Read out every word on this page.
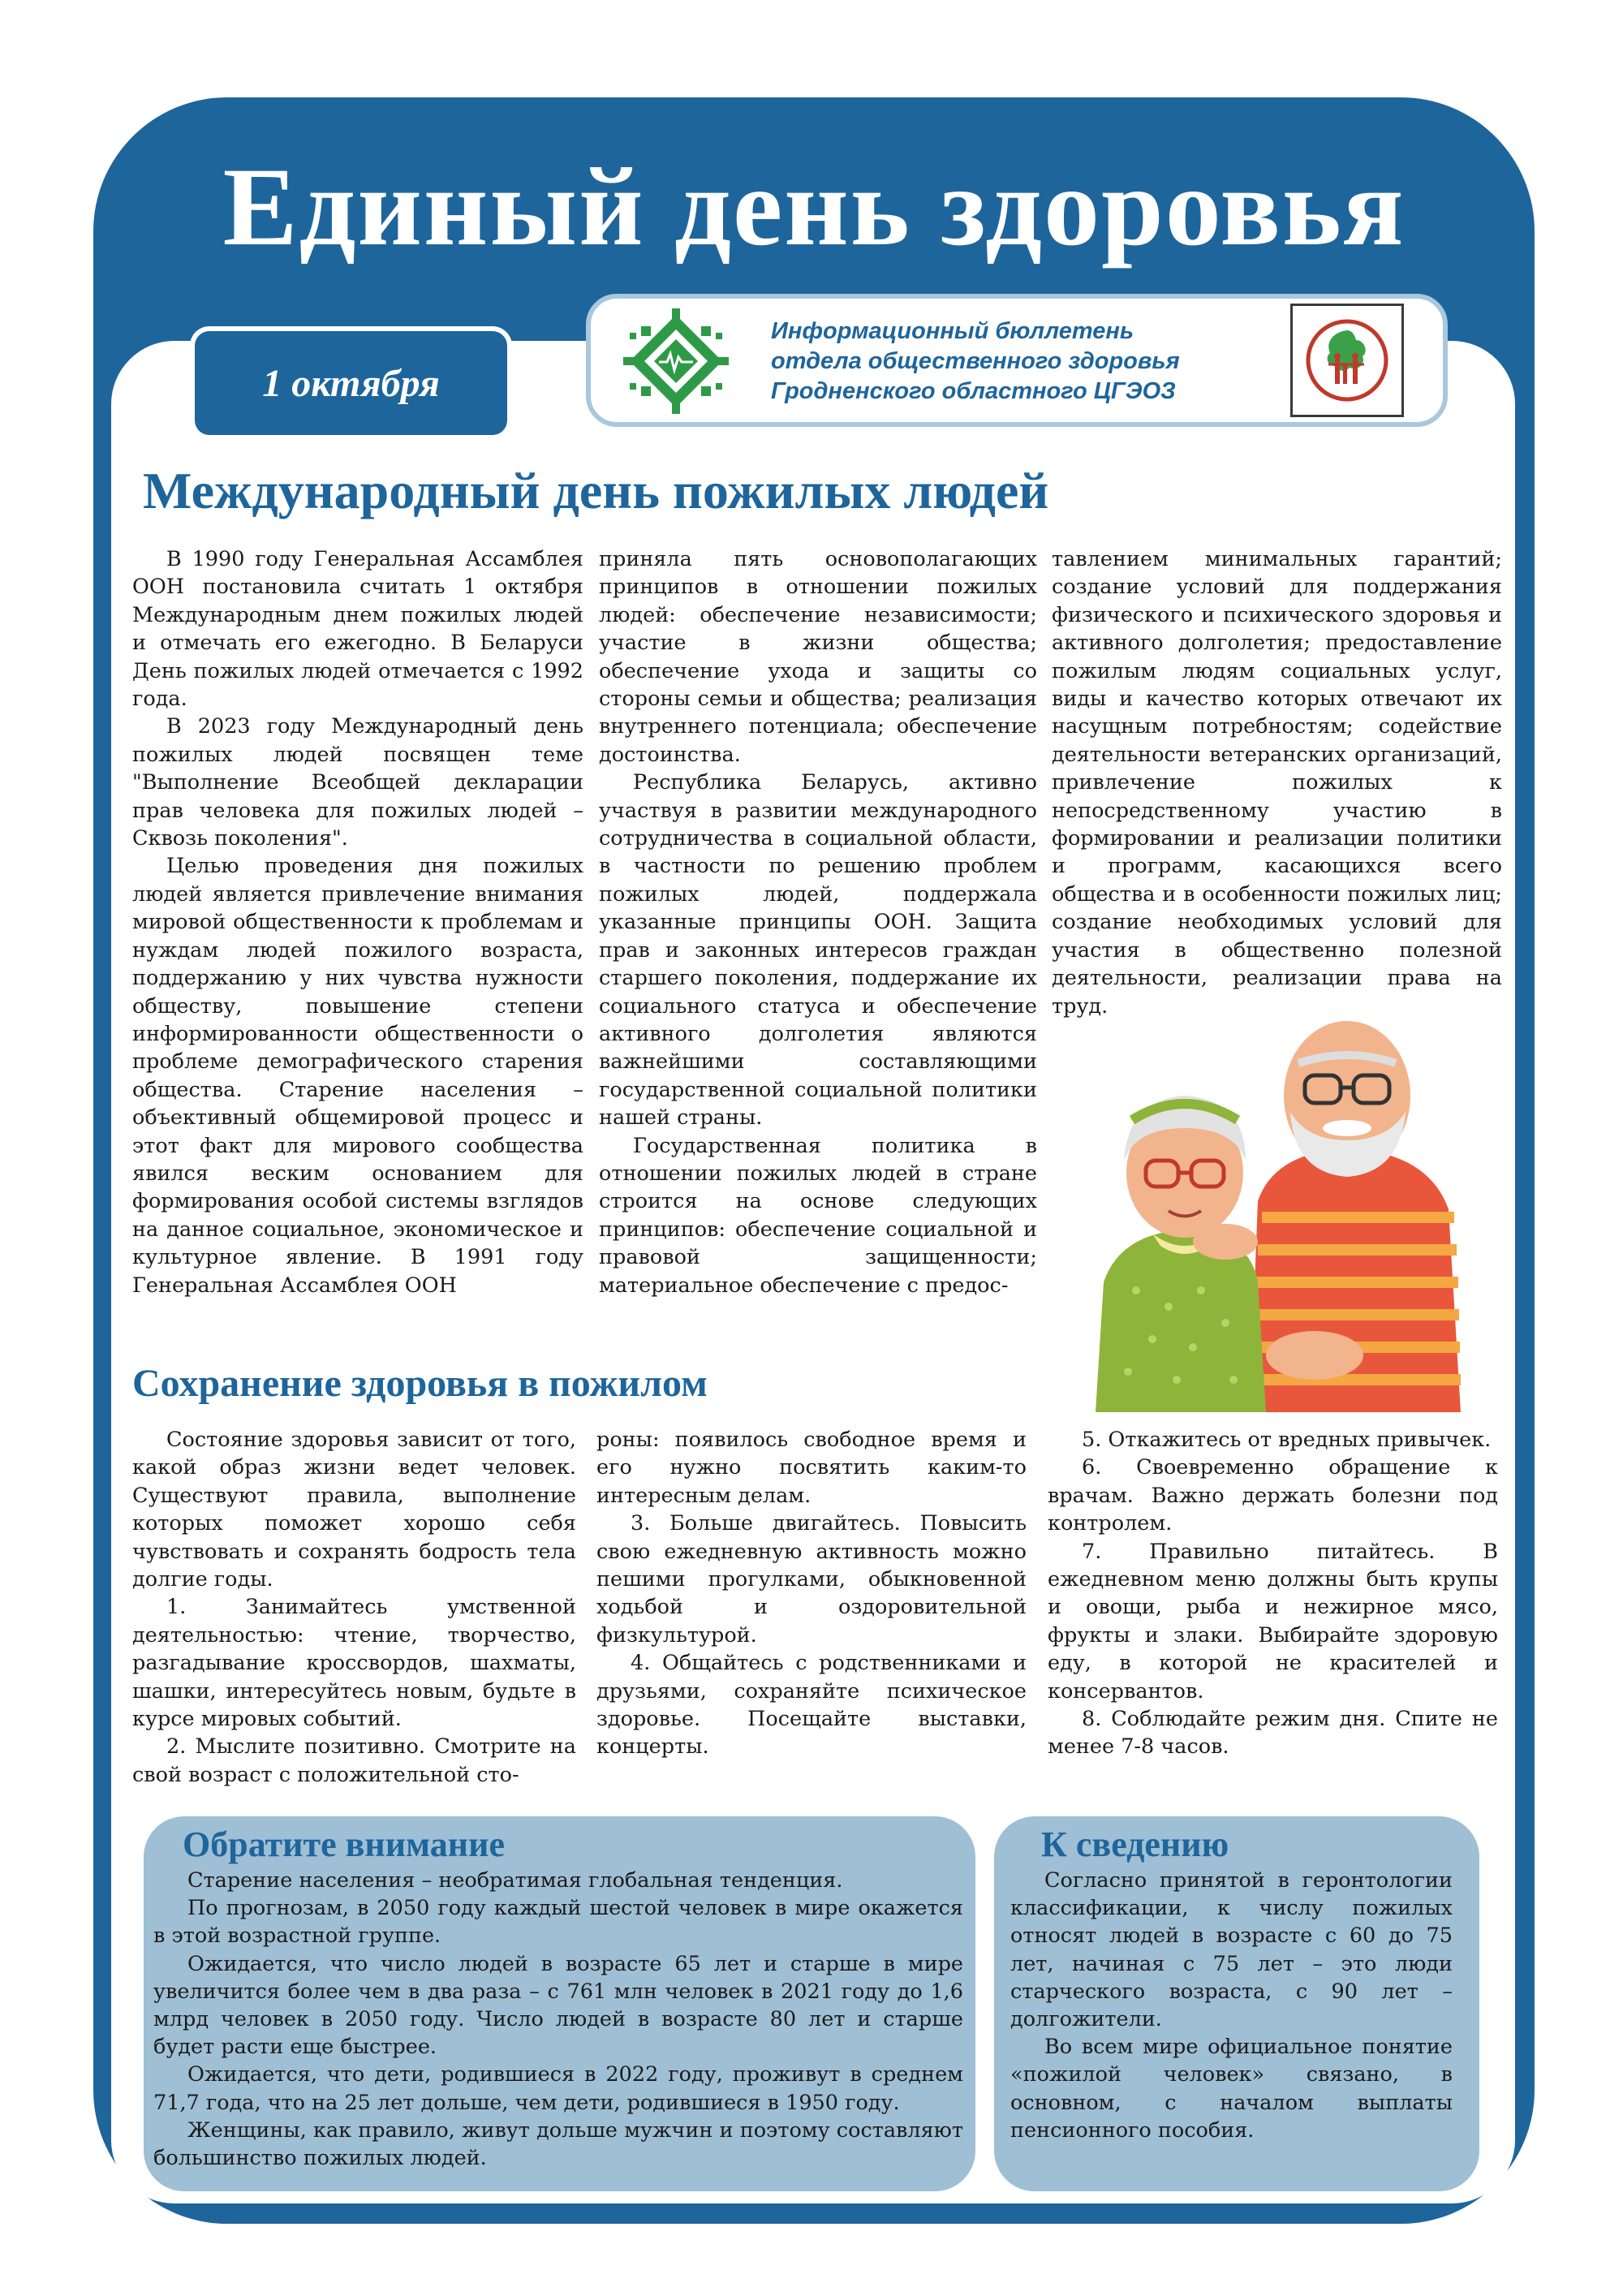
Единый день здоровья
1 октября
Информационный бюллетень
отдела общественного здоровья
Гродненского областного ЦГЭОЗ
Международный день пожилых людей

В 1990 году Генеральная Ассамблея ООН постановила считать 1 октября Международным днем пожилых людей и отмечать его ежегодно. В Беларуси День пожилых людей отмечается с 1992 года.

В 2023 году Международный день пожилых людей посвящен теме "Выполнение Всеобщей декларации прав человека для пожилых людей – Сквозь поколения".

Целью проведения дня пожилых людей является привлечение внимания мировой общественности к проблемам и нуждам людей пожилого возраста, поддержанию у них чувства нужности обществу, повышение степени информированности общественности о проблеме демографического старения общества. Старение населения – объективный общемировой процесс и этот факт для мирового сообщества явился веским основанием для формирования особой системы взглядов на данное социальное, экономическое и культурное явление. В 1991 году Генеральная Ассамблея ООН

приняла пять основополагающих принципов в отношении пожилых людей: обеспечение независимости; участие в жизни общества; обеспечение ухода и защиты со стороны семьи и общества; реализация внутреннего потенциала; обеспечение достоинства.

Республика Беларусь, активно участвуя в развитии международного сотрудничества в социальной области, в частности по решению проблем пожилых людей, поддержала указанные принципы ООН. Защита прав и законных интересов граждан старшего поколения, поддержание их социального статуса и обеспечение активного долголетия являются важнейшими составляющими государственной социальной политики нашей страны.

Государственная политика в отношении пожилых людей в стране строится на основе следующих принципов: обеспечение социальной и правовой защищенности; материальное обеспечение с предос-

тавлением минимальных гарантий; создание условий для поддержания физического и психического здоровья и активного долголетия; предоставление пожилым людям социальных услуг, виды и качество которых отвечают их насущным потребностям; содействие деятельности ветеранских организаций, привлечение пожилых к непосредственному участию в формировании и реализации политики и программ, касающихся всего общества и в особенности пожилых лиц; создание необходимых условий для участия в общественно полезной деятельности, реализации права на труд.

Сохранение здоровья в пожилом

Состояние здоровья зависит от того, какой образ жизни ведет человек. Существуют правила, выполнение которых поможет хорошо себя чувствовать и сохранять бодрость тела долгие годы.

1. Занимайтесь умственной деятельностью: чтение, творчество, разгадывание кроссвордов, шахматы, шашки, интересуйтесь новым, будьте в курсе мировых событий.

2. Мыслите позитивно. Смотрите на свой возраст с положительной сто-

роны: появилось свободное время и его нужно посвятить каким-то интересным делам.

3. Больше двигайтесь. Повысить свою ежедневную активность можно пешими прогулками, обыкновенной ходьбой и оздоровительной физкультурой.

4. Общайтесь с родственниками и друзьями, сохраняйте психическое здоровье. Посещайте выставки, концерты.

5. Откажитесь от вредных привычек.

6. Своевременно обращение к врачам. Важно держать болезни под контролем.

7. Правильно питайтесь. В ежедневном меню должны быть крупы и овощи, рыба и нежирное мясо, фрукты и злаки. Выбирайте здоровую еду, в которой не красителей и консервантов.

8. Соблюдайте режим дня. Спите не менее 7-8 часов.

Обратите внимание

Старение населения – необратимая глобальная тенденция.

По прогнозам, в 2050 году каждый шестой человек в мире окажется в этой возрастной группе.

Ожидается, что число людей в возрасте 65 лет и старше в мире увеличится более чем в два раза – с 761 млн человек в 2021 году до 1,6 млрд человек в 2050 году. Число людей в возрасте 80 лет и старше будет расти еще быстрее.

Ожидается, что дети, родившиеся в 2022 году, проживут в среднем 71,7 года, что на 25 лет дольше, чем дети, родившиеся в 1950 году.

Женщины, как правило, живут дольше мужчин и поэтому составляют большинство пожилых людей.

К сведению

Согласно принятой в геронтологии классификации, к числу пожилых относят людей в возрасте с 60 до 75 лет, начиная с 75 лет – это люди старческого возраста, с 90 лет – долгожители.

Во всем мире официальное понятие «пожилой человек» связано, в основном, с началом выплаты пенсионного пособия.
